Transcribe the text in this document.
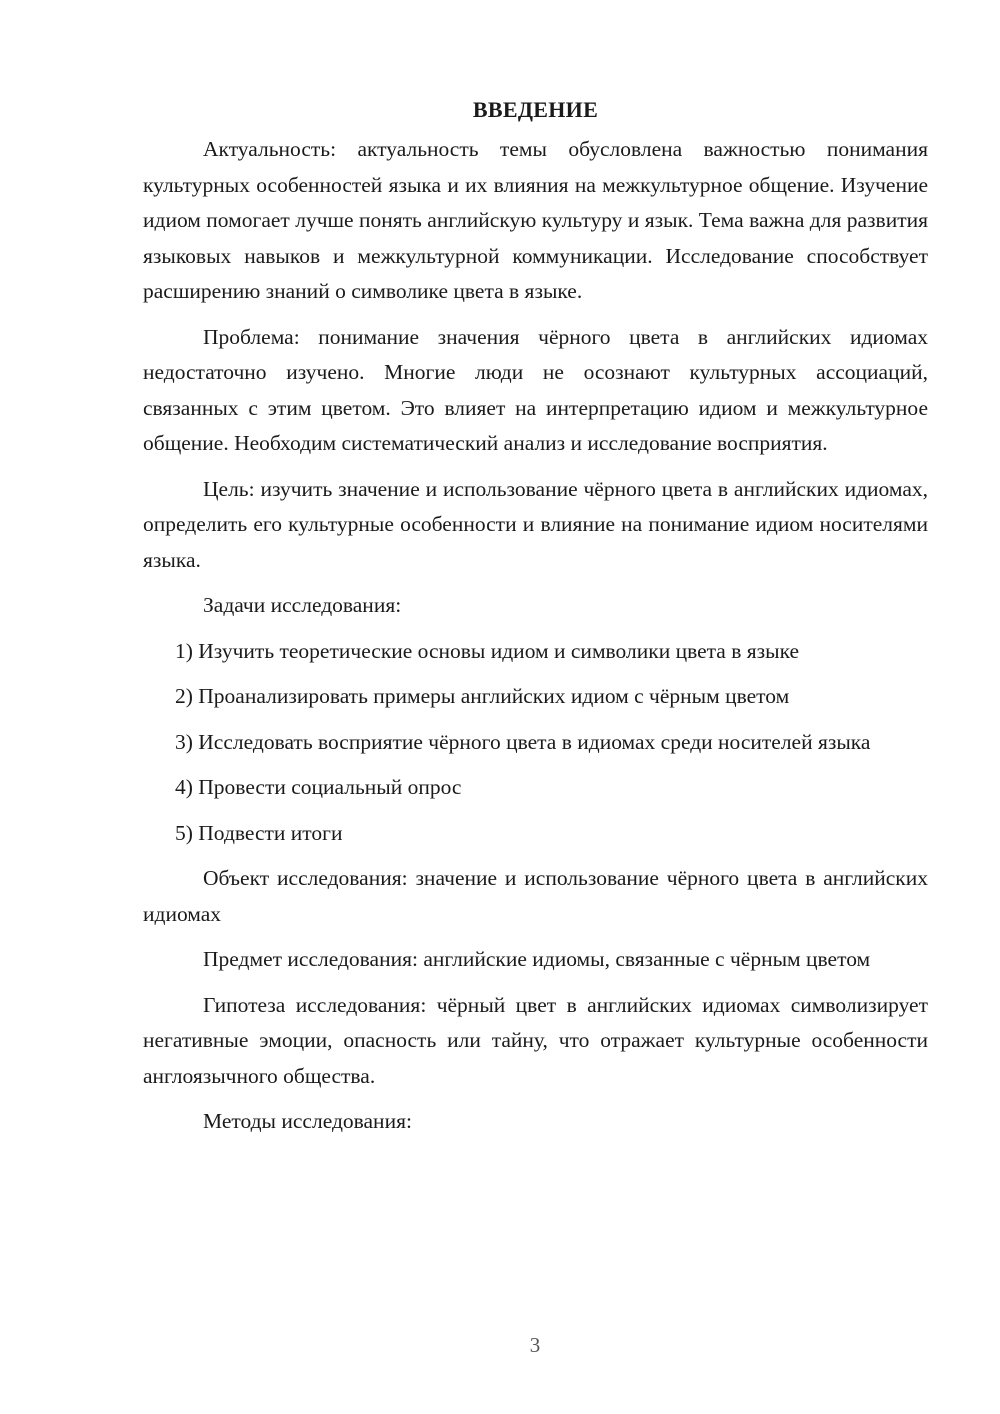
ВВЕДЕНИЕ

Актуальность: актуальность темы обусловлена важностью понимания культурных особенностей языка и их влияния на межкультурное общение. Изучение идиом помогает лучше понять английскую культуру и язык. Тема важна для развития языковых навыков и межкультурной коммуникации. Исследование способствует расширению знаний о символике цвета в языке.

Проблема: понимание значения чёрного цвета в английских идиомах недостаточно изучено. Многие люди не осознают культурных ассоциаций, связанных с этим цветом. Это влияет на интерпретацию идиом и межкультурное общение. Необходим систематический анализ и исследование восприятия.

Цель: изучить значение и использование чёрного цвета в английских идиомах, определить его культурные особенности и влияние на понимание идиом носителями языка.

Задачи исследования:

1) Изучить теоретические основы идиом и символики цвета в языке

2) Проанализировать примеры английских идиом с чёрным цветом

3) Исследовать восприятие чёрного цвета в идиомах среди носителей языка

4) Провести социальный опрос

5) Подвести итоги

Объект исследования: значение и использование чёрного цвета в английских идиомах

Предмет исследования: английские идиомы, связанные с чёрным цветом

Гипотеза исследования: чёрный цвет в английских идиомах символизирует негативные эмоции, опасность или тайну, что отражает культурные особенности англоязычного общества.

Методы исследования:

3
